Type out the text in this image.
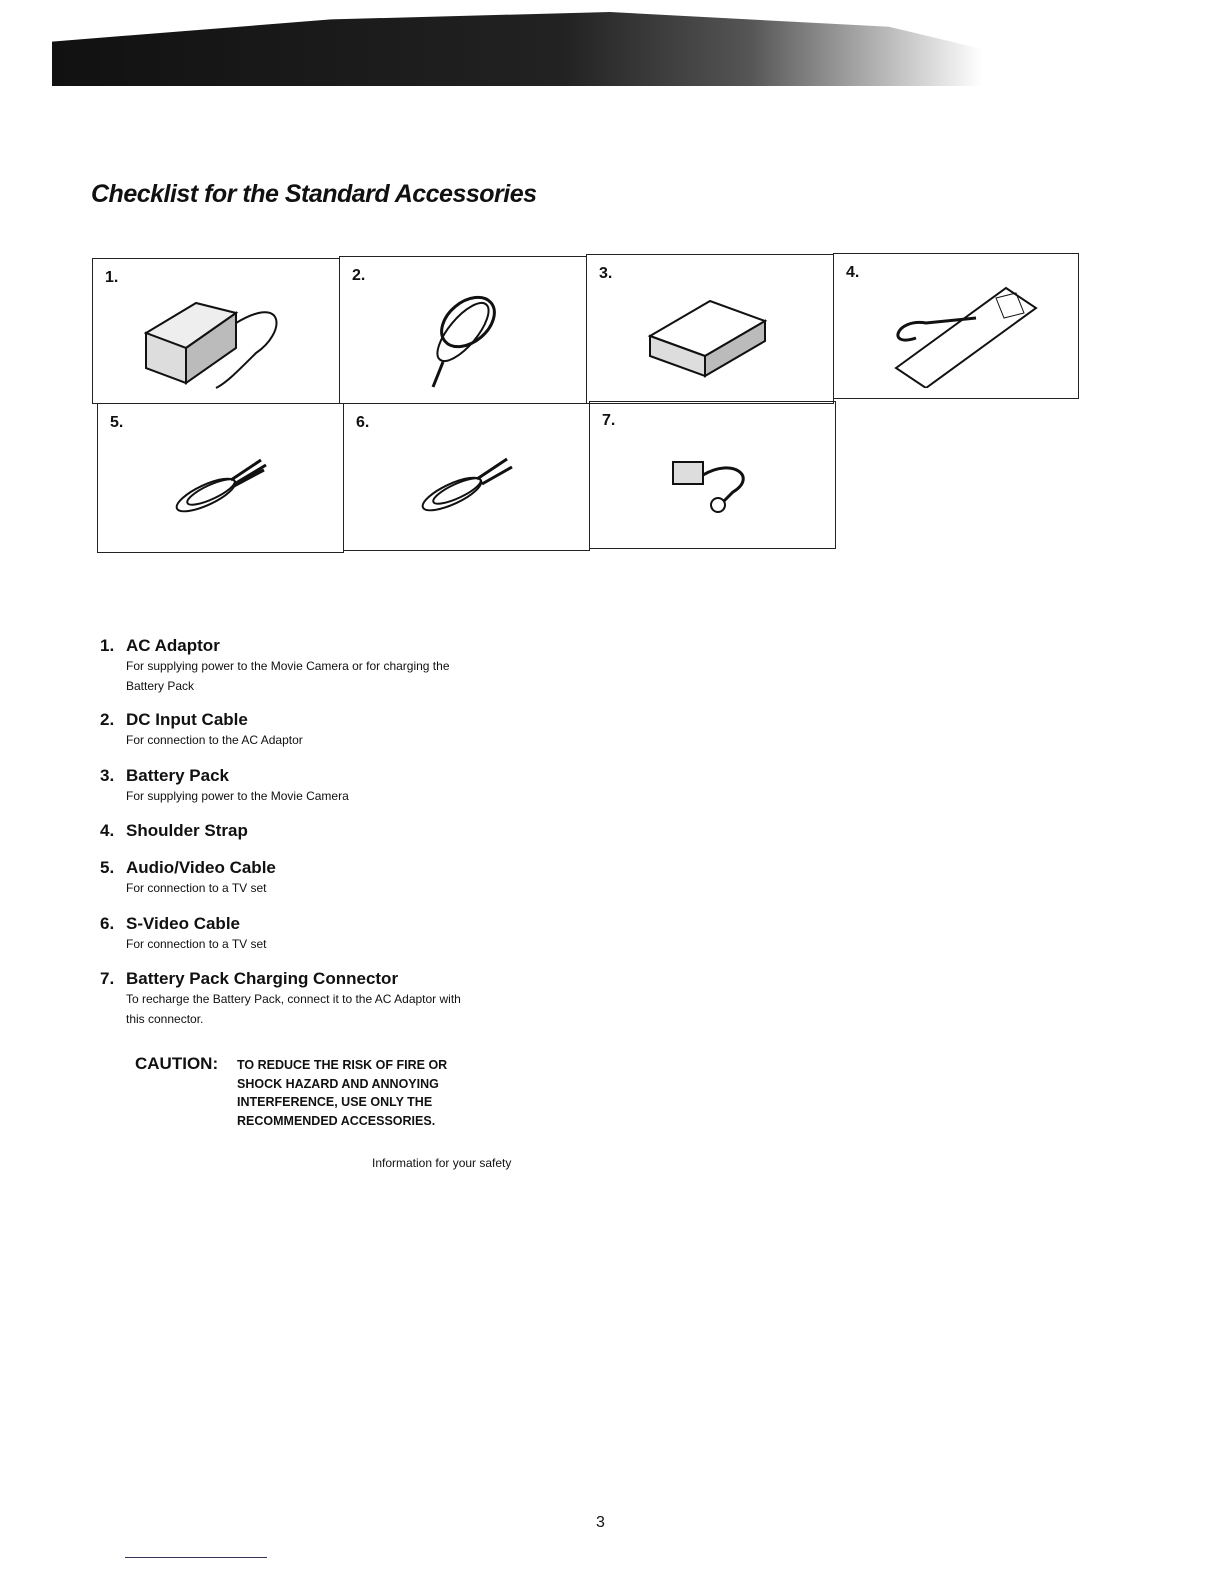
Checklist for the Standard Accessories
1.	2.	3.	4.
5.	6.	7.
1. AC Adaptor
For supplying power to the Movie Camera or for charging the
Battery Pack
2. DC Input Cable
For connection to the AC Adaptor
3. Battery Pack
For supplying power to the Movie Camera
4. Shoulder Strap
5. Audio/Video Cable
For connection to a TV set
6. S-Video Cable
For connection to a TV set
7. Battery Pack Charging Connector
To recharge the Battery Pack, connect it to the AC Adaptor with
this connector.
CAUTION:	TO REDUCE THE RISK OF FIRE OR
SHOCK HAZARD AND ANNOYING
INTERFERENCE, USE ONLY THE
RECOMMENDED ACCESSORIES.
Information for your safety
3
